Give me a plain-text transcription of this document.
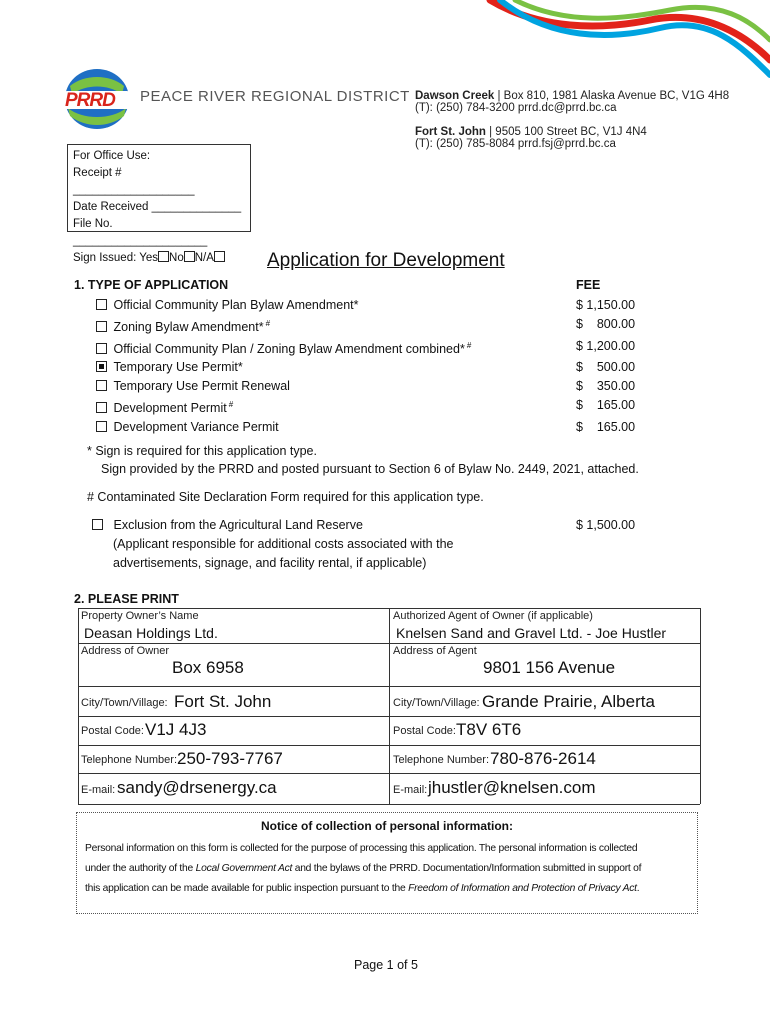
PRRD PEACE RIVER REGIONAL DISTRICT Dawson Creek | Box 810, 1981 Alaska Avenue BC, V1G 4H8
(T): (250) 784-3200 prrd.dc@prrd.bc.ca
Fort St. John | 9505 100 Street BC, V1J 4N4
(T): (250) 785-8084 prrd.fsj@prrd.bc.ca
For Office Use:
Receipt # ___________________
Date Received ______________
File No. _____________________
Sign Issued: Yes No N/A	Application for Development
1. TYPE OF APPLICATION	FEE
Official Community Plan Bylaw Amendment*	$ 1,150.00
Zoning Bylaw Amendment* #	$    800.00
Official Community Plan / Zoning Bylaw Amendment combined* #	$ 1,200.00
Temporary Use Permit*	$    500.00
Temporary Use Permit Renewal	$    350.00
Development Permit #	$    165.00
Development Variance Permit	$    165.00
* Sign is required for this application type.
Sign provided by the PRRD and posted pursuant to Section 6 of Bylaw No. 2449, 2021, attached.
# Contaminated Site Declaration Form required for this application type.
Exclusion from the Agricultural Land Reserve	$ 1,500.00
(Applicant responsible for additional costs associated with the
advertisements, signage, and facility rental, if applicable)
2. PLEASE PRINT
Property Owner’s Name
Deasan Holdings Ltd.
Authorized Agent of Owner (if applicable)
Knelsen Sand and Gravel Ltd. - Joe Hustler
Address of Owner
Box 6958
Address of Agent
9801 156 Avenue
City/Town/Village: Fort St. John	City/Town/Village: Grande Prairie, Alberta
Postal Code: V1J 4J3	Postal Code: T8V 6T6
Telephone Number: 250-793-7767	Telephone Number: 780-876-2614
E-mail: sandy@drsenergy.ca	E-mail: jhustler@knelsen.com
Notice of collection of personal information:
Personal information on this form is collected for the purpose of processing this application. The personal information is collected
under the authority of the Local Government Act and the bylaws of the PRRD. Documentation/Information submitted in support of
this application can be made available for public inspection pursuant to the Freedom of Information and Protection of Privacy Act.
Page 1 of 5
